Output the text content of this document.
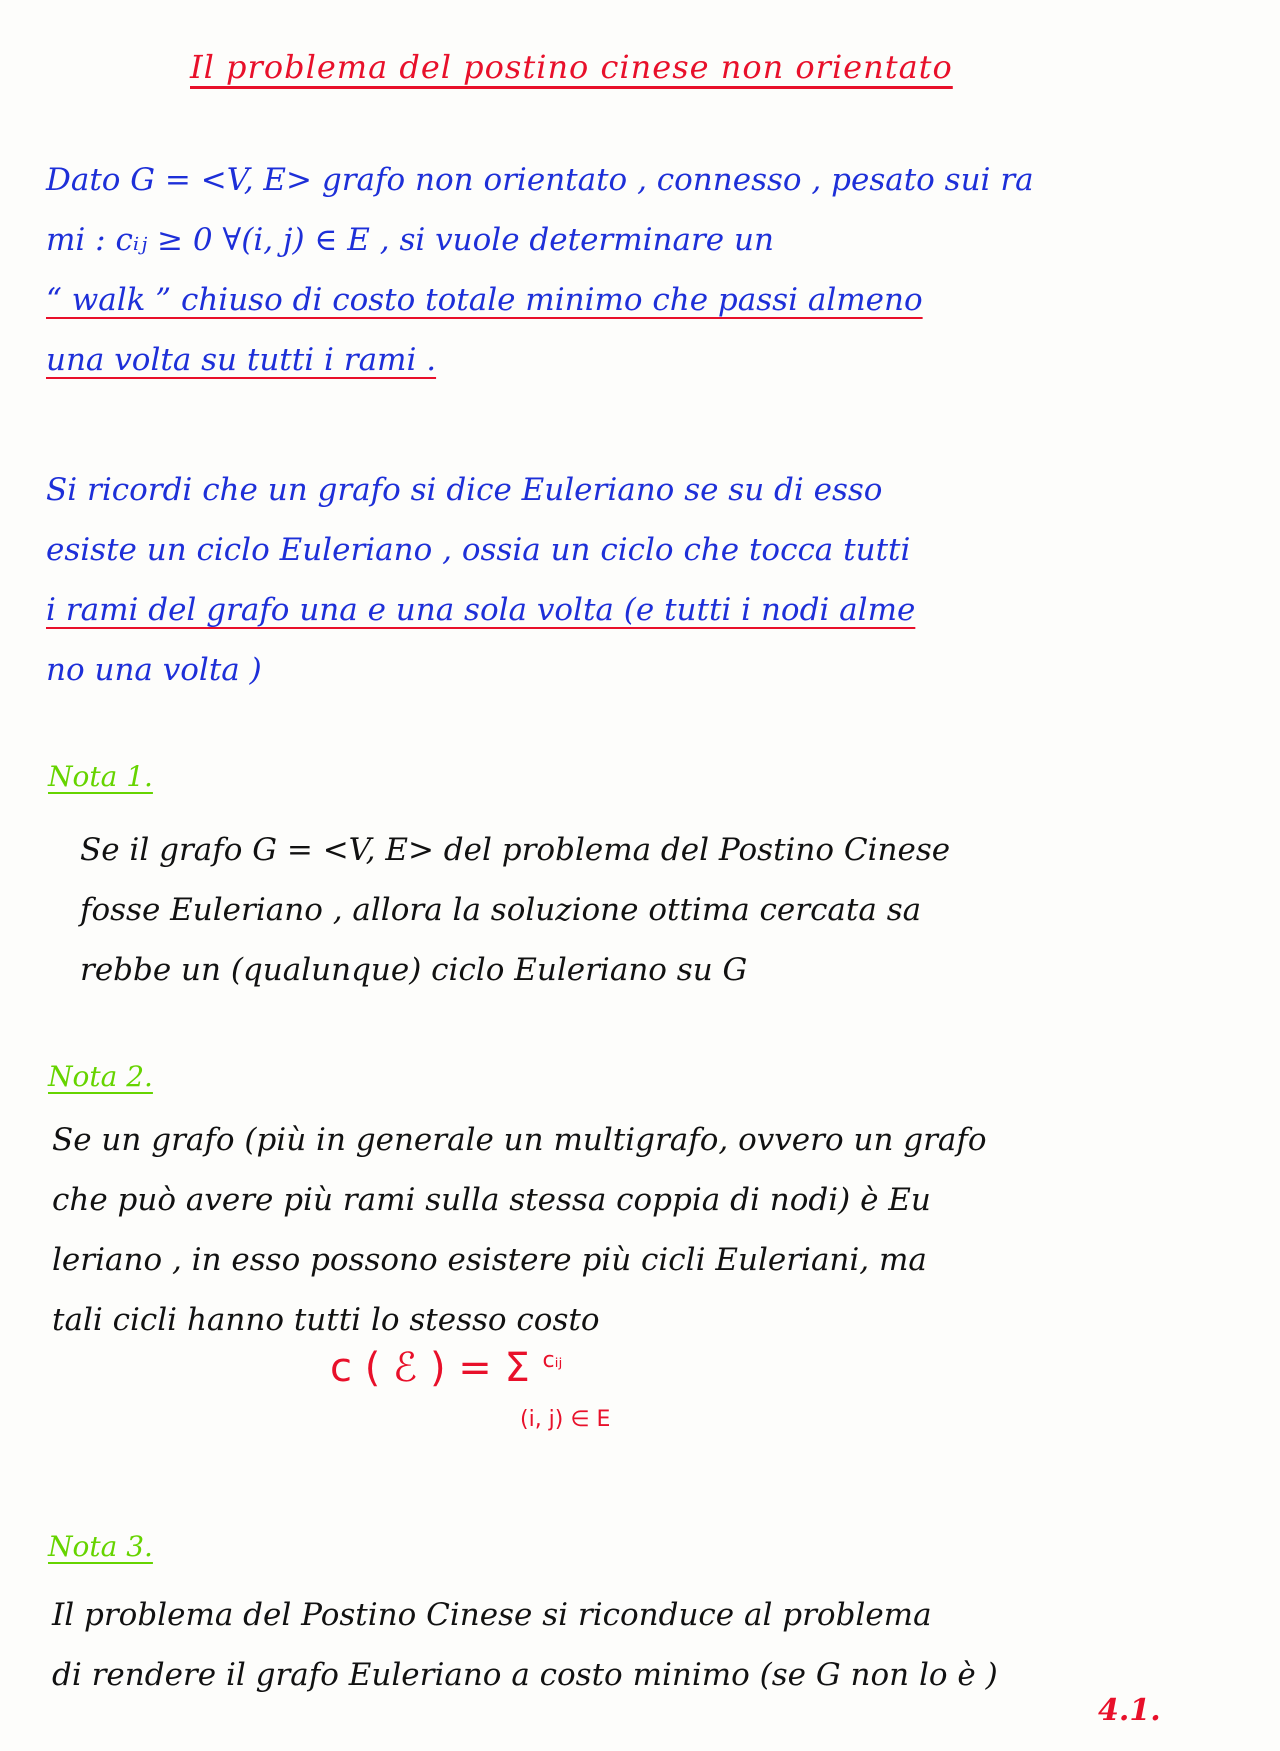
Il problema del postino cinese non orientato
Dato G = <V, E> grafo non orientato , connesso , pesato sui ra
mi : cᵢⱼ ≥ 0 ∀(i, j) ∈ E , si vuole determinare un
“ walk ” chiuso di costo totale minimo che passi almeno
una volta su tutti i rami .
Si ricordi che un grafo si dice Euleriano se su di esso
esiste un ciclo Euleriano , ossia un ciclo che tocca tutti
i rami del grafo una e una sola volta (e tutti i nodi alme
no una volta )
Nota 1.
Se il grafo G = <V, E> del problema del Postino Cinese
fosse Euleriano , allora la soluzione ottima cercata sa
rebbe un (qualunque) ciclo Euleriano su G
Nota 2.
Se un grafo (più in generale un multigrafo, ovvero un grafo
che può avere più rami sulla stessa coppia di nodi) è Eu
leriano , in esso possono esistere più cicli Euleriani, ma
tali cicli hanno tutti lo stesso costo
c ( ℰ ) = Σ $^{cᵢⱼ}$
(i, j) ∈ E
Nota 3.
Il problema del Postino Cinese si riconduce al problema
di rendere il grafo Euleriano a costo minimo (se G non lo è )
4.1.
